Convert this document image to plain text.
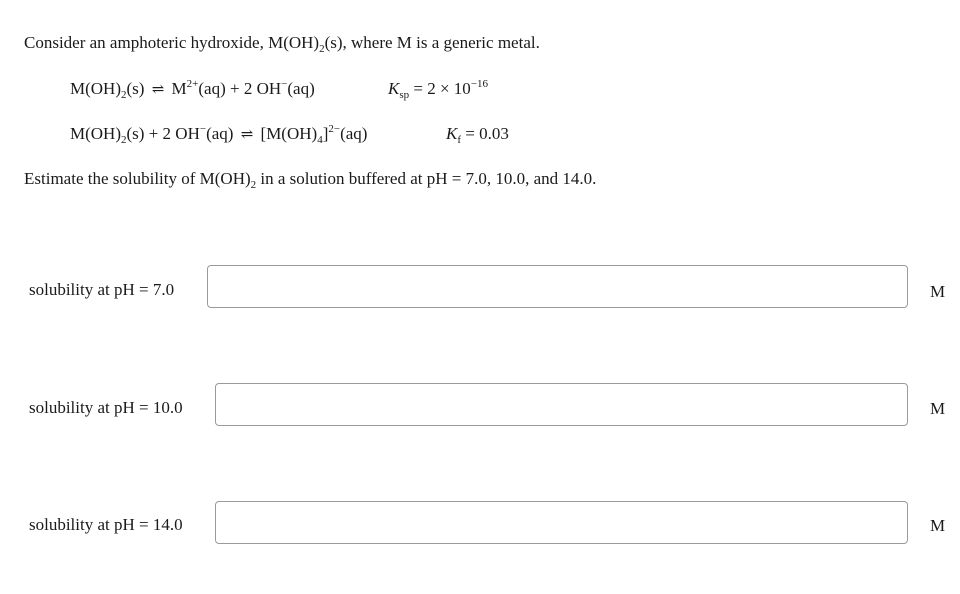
Consider an amphoteric hydroxide, $M(OH)_2(s)$, where M is a generic metal.
$M(OH)_2(s)$ ⇌ $M^{2+}(aq) + 2$ OH−(aq)	$K_{sp} = 2 \times 10^{-16}$
$M(OH)_2(s) + 2$ OH−(aq) ⇌ $[M(OH)_4]^{2-}(aq)$	$K_f = 0.03$
Estimate the solubility of $M(OH)_2$ in a solution buffered at pH = 7.0, 10.0, and 14.0.
solubility at pH = 7.0	M
solubility at pH = 10.0	M
solubility at pH = 14.0	M
